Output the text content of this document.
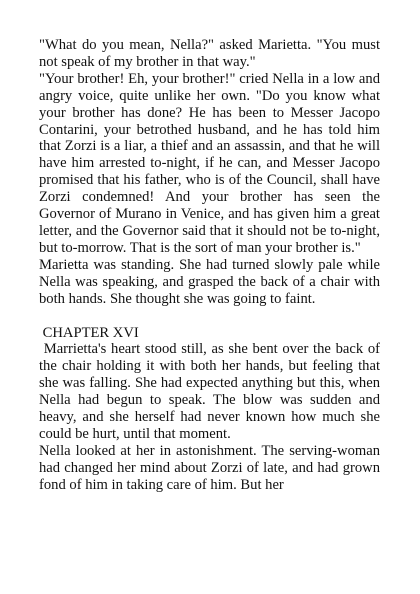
"What do you mean, Nella?" asked Marietta. "You must not speak of my brother in that way."

"Your brother! Eh, your brother!" cried Nella in a low and angry voice, quite unlike her own. "Do you know what your brother has done? He has been to Messer Jacopo Contarini, your betrothed husband, and he has told him that Zorzi is a liar, a thief and an assassin, and that he will have him arrested to-night, if he can, and Messer Jacopo promised that his father, who is of the Council, shall have Zorzi condemned! And your brother has seen the Governor of Murano in Venice, and has given him a great letter, and the Governor said that it should not be to-night, but to-morrow. That is the sort of man your brother is."

Marietta was standing. She had turned slowly pale while Nella was speaking, and grasped the back of a chair with both hands. She thought she was going to faint.

CHAPTER XVI

Marrietta's heart stood still, as she bent over the back of the chair holding it with both her hands, but feeling that she was falling. She had expected anything but this, when Nella had begun to speak. The blow was sudden and heavy, and she herself had never known how much she could be hurt, until that moment.

Nella looked at her in astonishment. The serving-woman had changed her mind about Zorzi of late, and had grown fond of him in taking care of him. But her
